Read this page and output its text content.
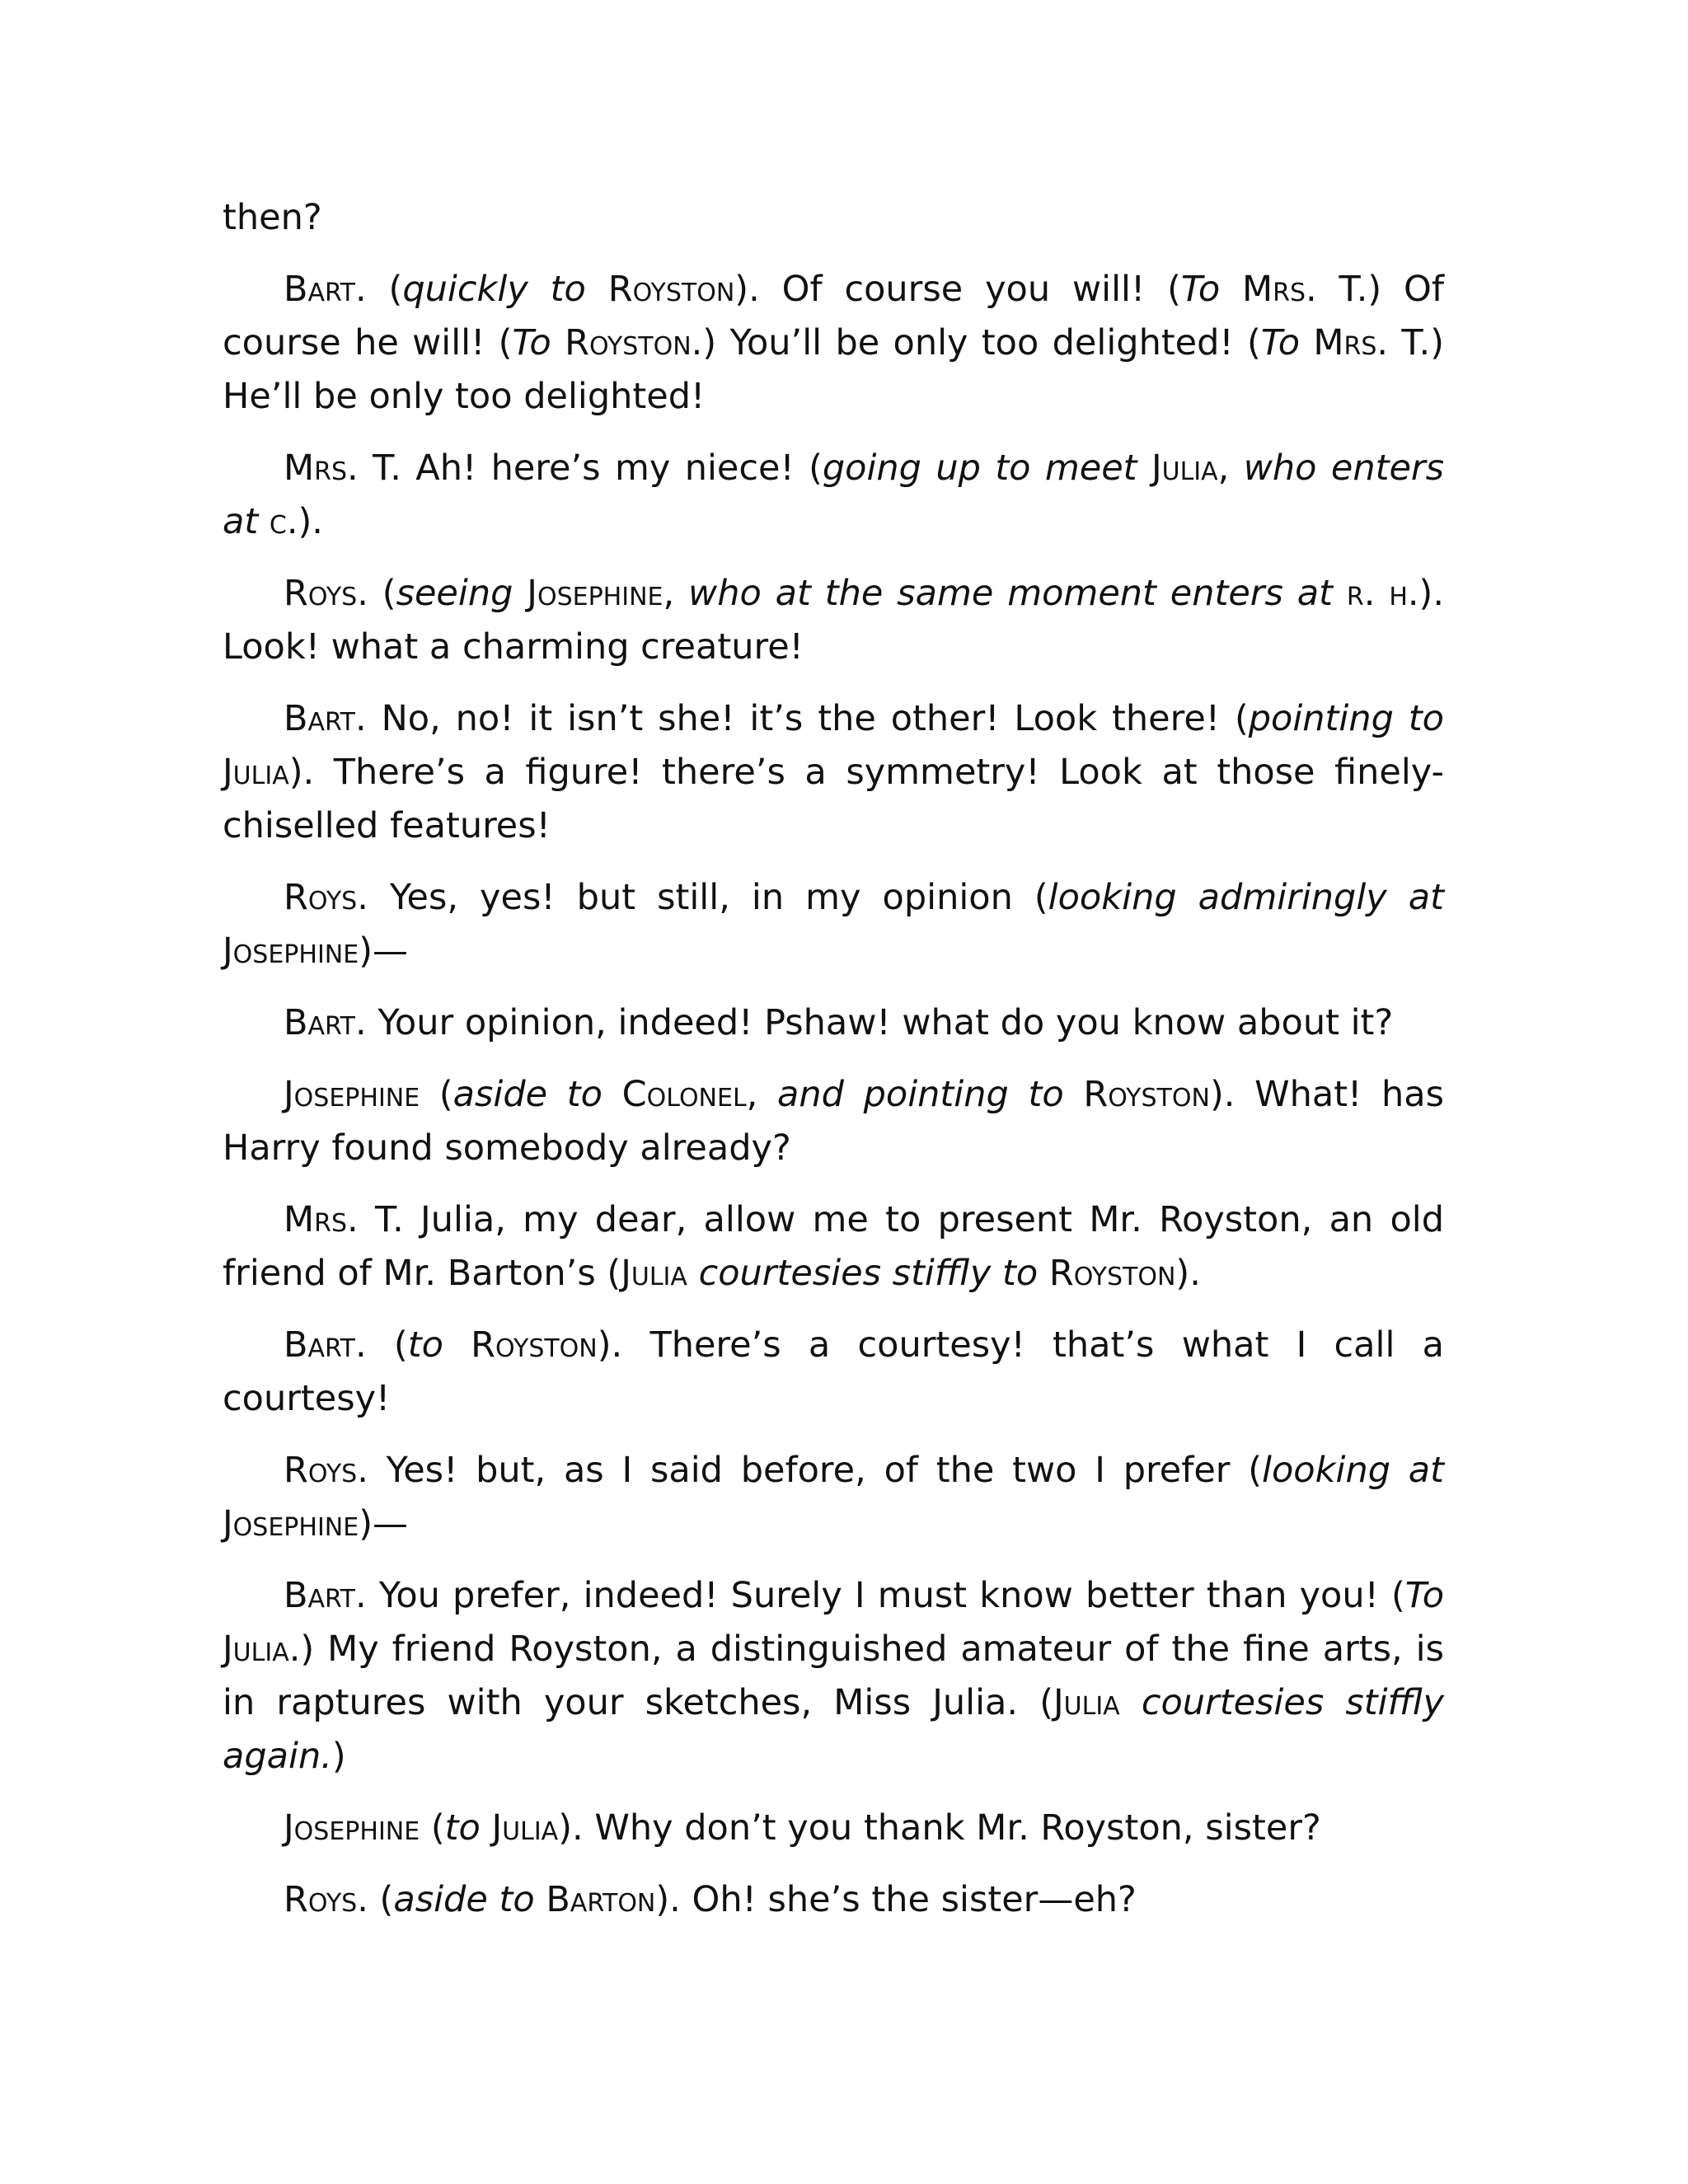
then?

Bart. (quickly to Royston). Of course you will! (To Mrs. T.) Of course he will! (To Royston.) You’ll be only too delighted! (To Mrs. T.) He’ll be only too delighted!

Mrs. T. Ah! here’s my niece! (going up to meet Julia, who enters at c.).

Roys. (seeing Josephine, who at the same moment enters at r. h.). Look! what a charming creature!

Bart. No, no! it isn’t she! it’s the other! Look there! (pointing to Julia). There’s a figure! there’s a symmetry! Look at those finely-chiselled features!

Roys. Yes, yes! but still, in my opinion (looking admiringly at Josephine)—

Bart. Your opinion, indeed! Pshaw! what do you know about it?

Josephine (aside to Colonel, and pointing to Royston). What! has Harry found somebody already?

Mrs. T. Julia, my dear, allow me to present Mr. Royston, an old friend of Mr. Barton’s (Julia courtesies stiffly to Royston).

Bart. (to Royston). There’s a courtesy! that’s what I call a courtesy!

Roys. Yes! but, as I said before, of the two I prefer (looking at Josephine)—

Bart. You prefer, indeed! Surely I must know better than you! (To Julia.) My friend Royston, a distinguished amateur of the fine arts, is in raptures with your sketches, Miss Julia. (Julia courtesies stiffly again.)

Josephine (to Julia). Why don’t you thank Mr. Royston, sister?

Roys. (aside to Barton). Oh! she’s the sister—eh?
